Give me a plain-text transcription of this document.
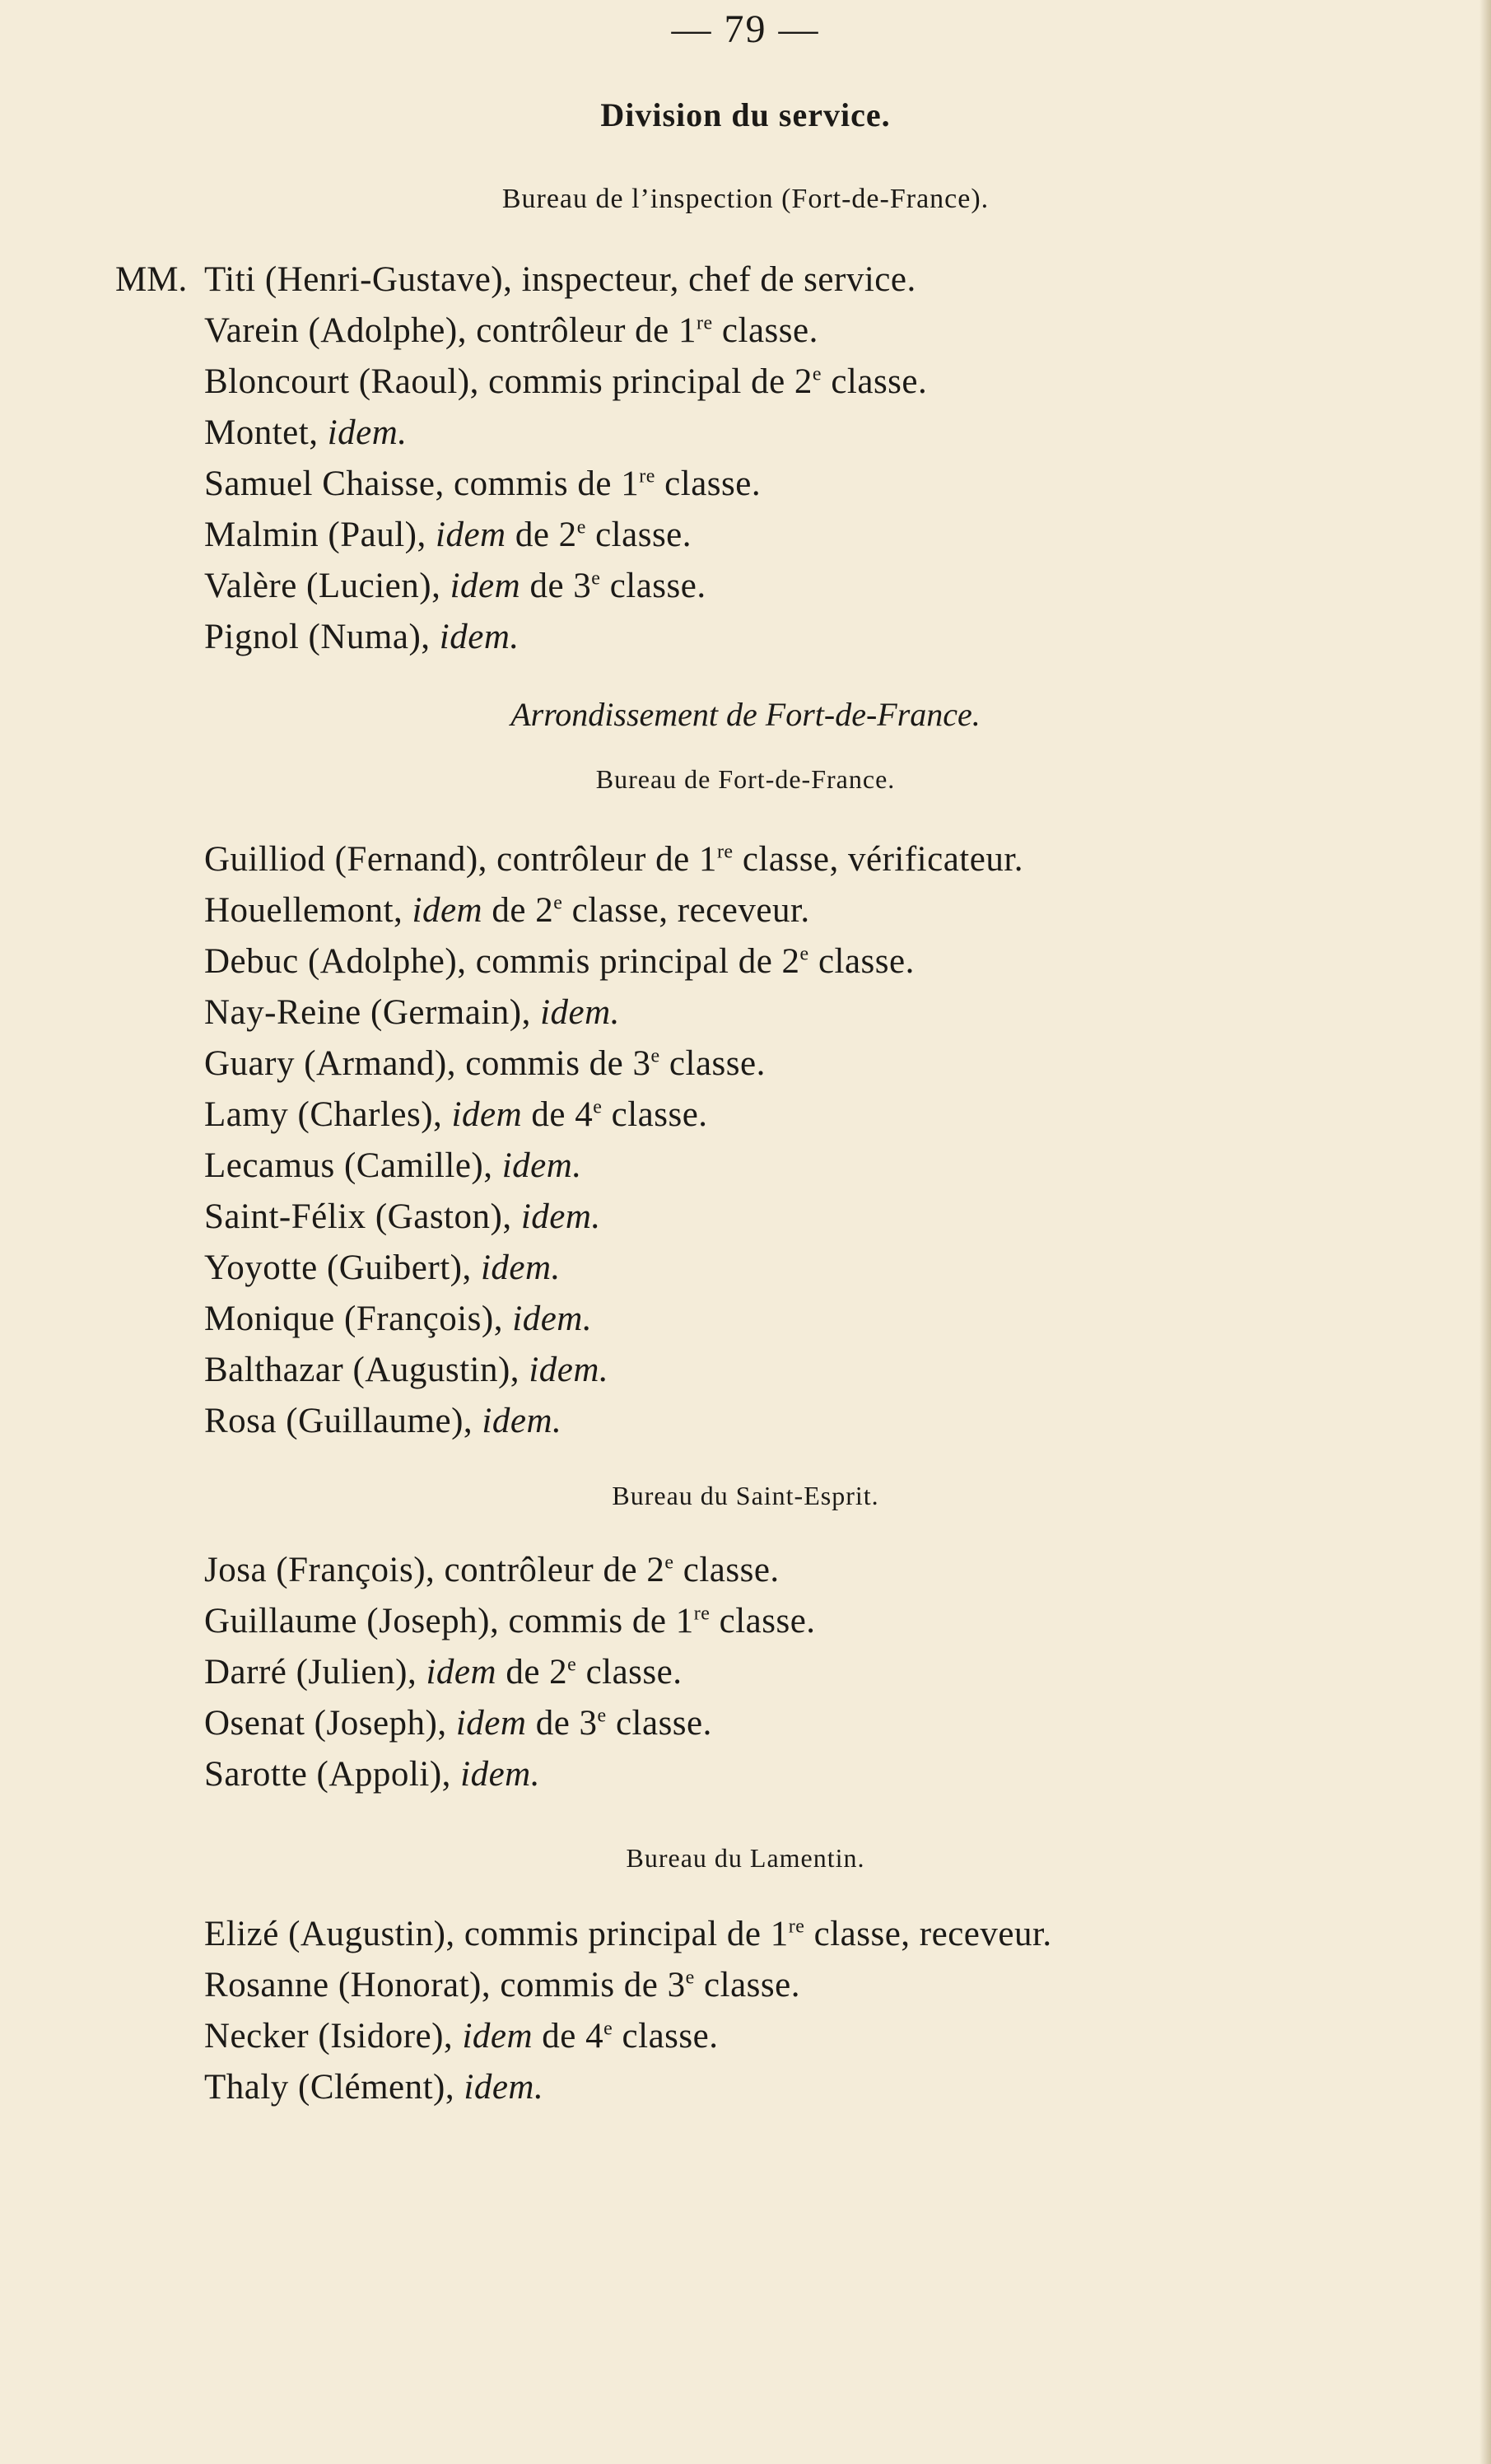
— 79 —
Division du service.
Bureau de l’inspection (Fort-de-France).
MM. Titi (Henri-Gustave), inspecteur, chef de service.
Varein (Adolphe), contrôleur de 1re classe.
Bloncourt (Raoul), commis principal de 2e classe.
Montet, idem.
Samuel Chaisse, commis de 1re classe.
Malmin (Paul), idem de 2e classe.
Valère (Lucien), idem de 3e classe.
Pignol (Numa), idem.
Arrondissement de Fort-de-France.
Bureau de Fort-de-France.
Guilliod (Fernand), contrôleur de 1re classe, vérificateur.
Houellemont, idem de 2e classe, receveur.
Debuc (Adolphe), commis principal de 2e classe.
Nay-Reine (Germain), idem.
Guary (Armand), commis de 3e classe.
Lamy (Charles), idem de 4e classe.
Lecamus (Camille), idem.
Saint-Félix (Gaston), idem.
Yoyotte (Guibert), idem.
Monique (François), idem.
Balthazar (Augustin), idem.
Rosa (Guillaume), idem.
Bureau du Saint-Esprit.
Josa (François), contrôleur de 2e classe.
Guillaume (Joseph), commis de 1re classe.
Darré (Julien), idem de 2e classe.
Osenat (Joseph), idem de 3e classe.
Sarotte (Appoli), idem.
Bureau du Lamentin.
Elizé (Augustin), commis principal de 1re classe, receveur.
Rosanne (Honorat), commis de 3e classe.
Necker (Isidore), idem de 4e classe.
Thaly (Clément), idem.
